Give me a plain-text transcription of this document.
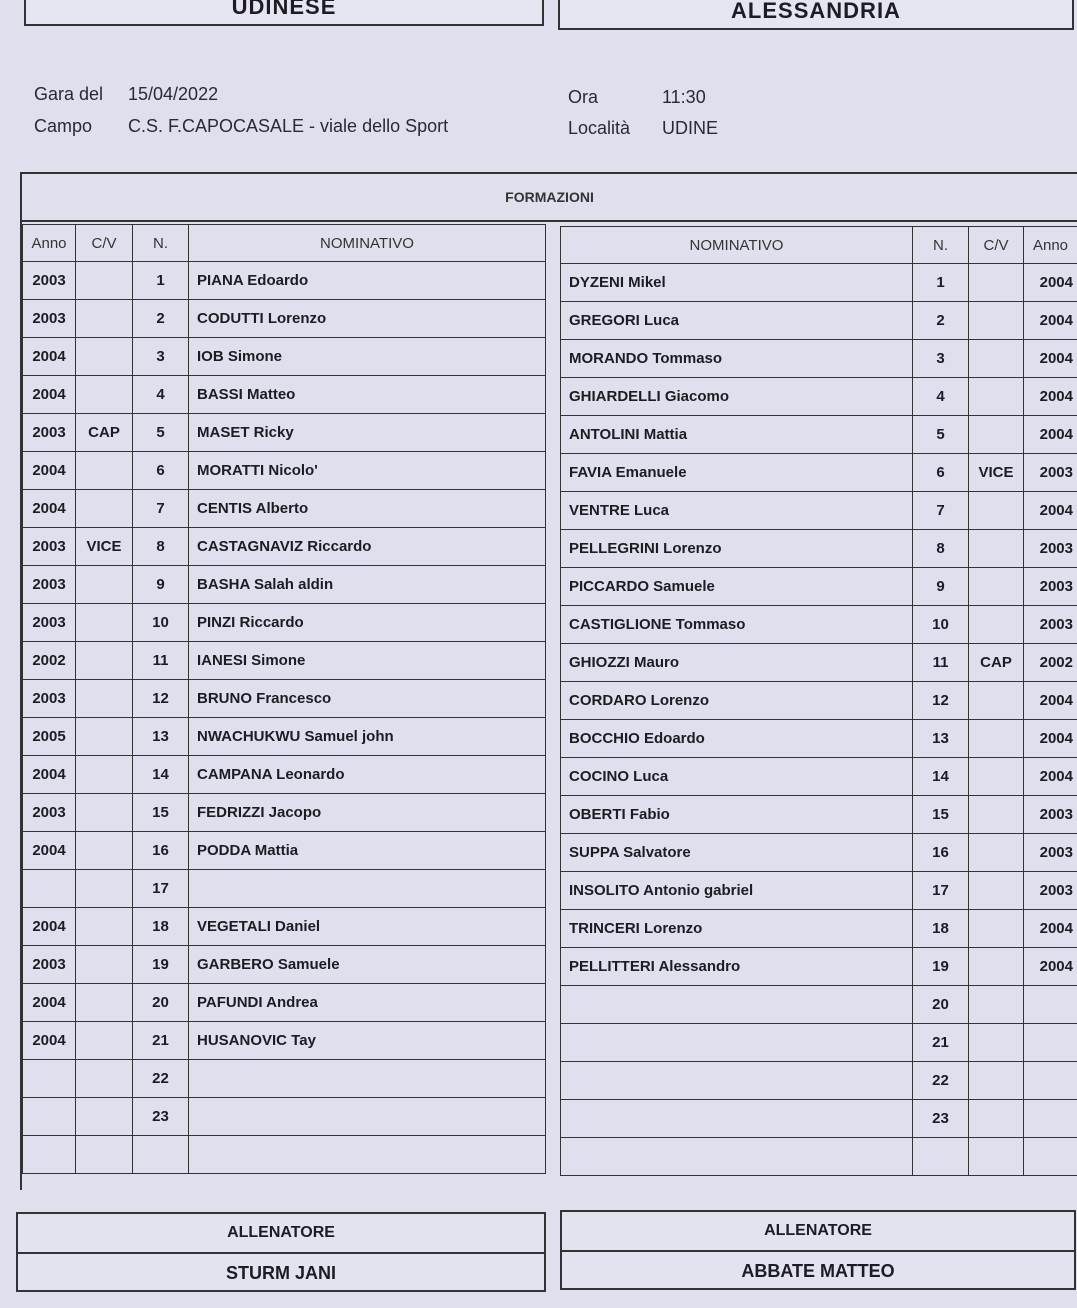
UDINESE	ALESSANDRIA
Gara del 15/04/2022
Campo C.S. F.CAPOCASALE - viale dello Sport
Ora	11:30
Località UDINE
FORMAZIONI
Anno	C/V	N.	NOMINATIVO
2003		1	PIANA Edoardo
2003		2	CODUTTI Lorenzo
2004		3	IOB Simone
2004		4	BASSI Matteo
2003	CAP	5	MASET Ricky
2004		6	MORATTI Nicolo'
2004		7	CENTIS Alberto
2003	VICE	8	CASTAGNAVIZ Riccardo
2003		9	BASHA Salah aldin
2003		10	PINZI Riccardo
2002		11	IANESI Simone
2003		12	BRUNO Francesco
2005		13	NWACHUKWU Samuel john
2004		14	CAMPANA Leonardo
2003		15	FEDRIZZI Jacopo
2004		16	PODDA Mattia
		17	
2004		18	VEGETALI Daniel
2003		19	GARBERO Samuele
2004		20	PAFUNDI Andrea
2004		21	HUSANOVIC Tay
		22	
		23	

NOMINATIVO	N.	C/V	Anno
DYZENI Mikel	1		2004
GREGORI Luca	2		2004
MORANDO Tommaso	3		2004
GHIARDELLI Giacomo	4		2004
ANTOLINI Mattia	5		2004
FAVIA Emanuele	6	VICE	2003
VENTRE Luca	7		2004
PELLEGRINI Lorenzo	8		2003
PICCARDO Samuele	9		2003
CASTIGLIONE Tommaso	10		2003
GHIOZZI Mauro	11	CAP	2002
CORDARO Lorenzo	12		2004
BOCCHIO Edoardo	13		2004
COCINO Luca	14		2004
OBERTI Fabio	15		2003
SUPPA Salvatore	16		2003
INSOLITO Antonio gabriel	17		2003
TRINCERI Lorenzo	18		2004
PELLITTERI Alessandro	19		2004
	20		
	21		
	22		
	23		

ALLENATORE
STURM JANI
ALLENATORE
ABBATE MATTEO
